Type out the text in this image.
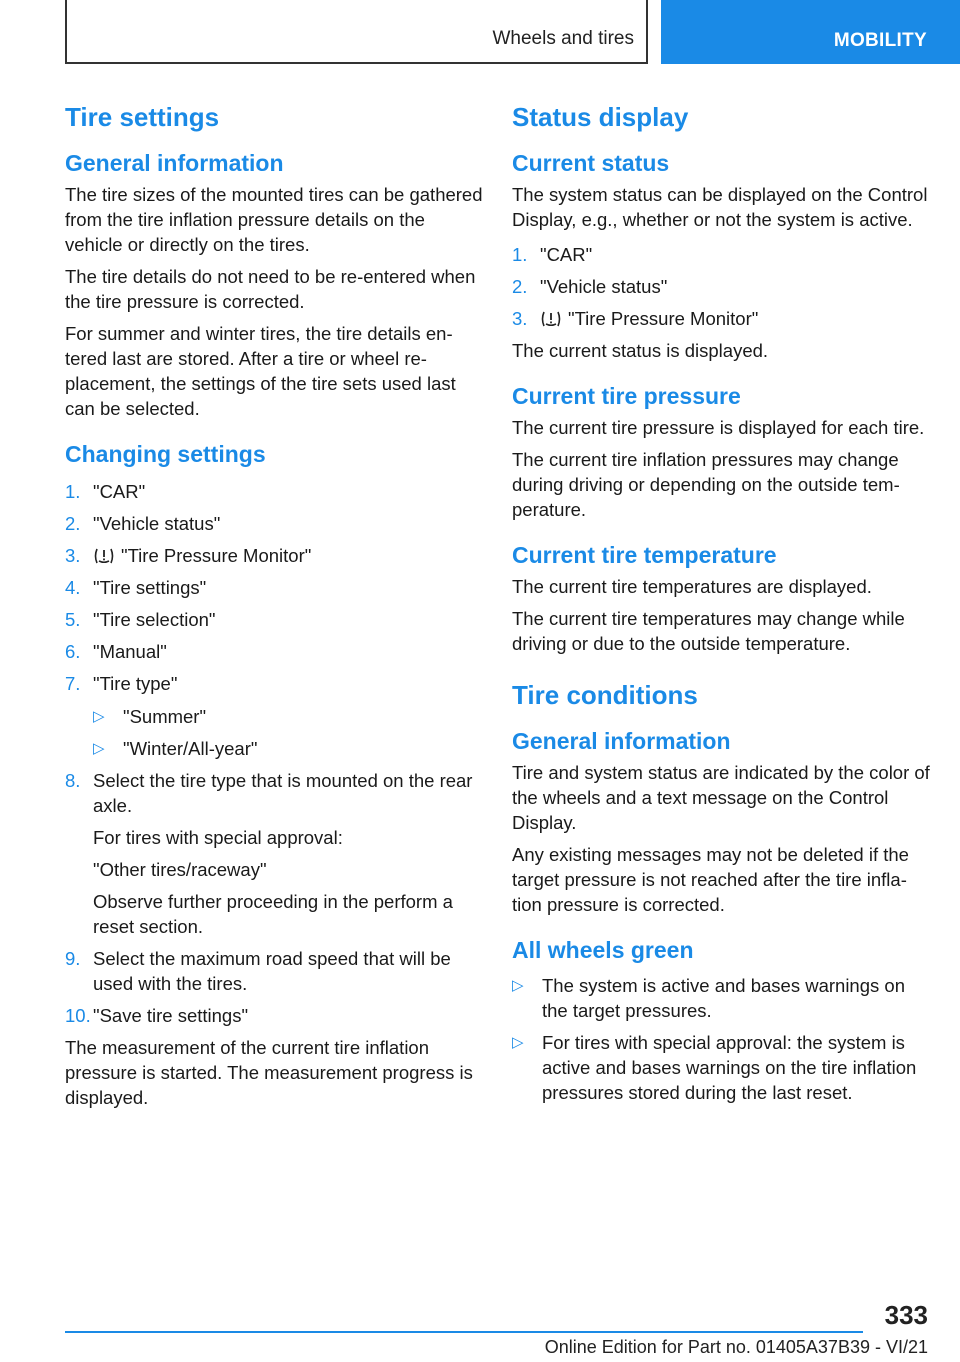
Wheels and tires	MOBILITY
Tire settings
General information

The tire sizes of the mounted tires can be gathered from the tire inflation pressure details on the vehicle or directly on the tires.

The tire details do not need to be re-entered when the tire pressure is corrected.

For summer and winter tires, the tire details entered last are stored. After a tire or wheel replacement, the settings of the tire sets used last can be selected.

Changing settings
1. "CAR"
2. "Vehicle status"
3. "Tire Pressure Monitor"
4. "Tire settings"
5. "Tire selection"
6. "Manual"
7. "Tire type"
▷ "Summer"
▷ "Winter/All-year"
8. Select the tire type that is mounted on the rear axle.

For tires with special approval:

"Other tires/raceway"

Observe further proceeding in the perform a reset section.

9. Select the maximum road speed that will be used with the tires.
10. "Save tire settings"

The measurement of the current tire inflation pressure is started. The measurement progress is displayed.

Status display
Current status

The system status can be displayed on the Control Display, e.g., whether or not the system is active.

1. "CAR"
2. "Vehicle status"
3. "Tire Pressure Monitor"

The current status is displayed.

Current tire pressure

The current tire pressure is displayed for each tire.

The current tire inflation pressures may change during driving or depending on the outside temperature.

Current tire temperature

The current tire temperatures are displayed.

The current tire temperatures may change while driving or due to the outside temperature.

Tire conditions
General information

Tire and system status are indicated by the color of the wheels and a text message on the Control Display.

Any existing messages may not be deleted if the target pressure is not reached after the tire inflation pressure is corrected.

All wheels green
▷ The system is active and bases warnings on the target pressures.
▷ For tires with special approval: the system is active and bases warnings on the tire inflation pressures stored during the last reset.
333
Online Edition for Part no. 01405A37B39 - VI/21
